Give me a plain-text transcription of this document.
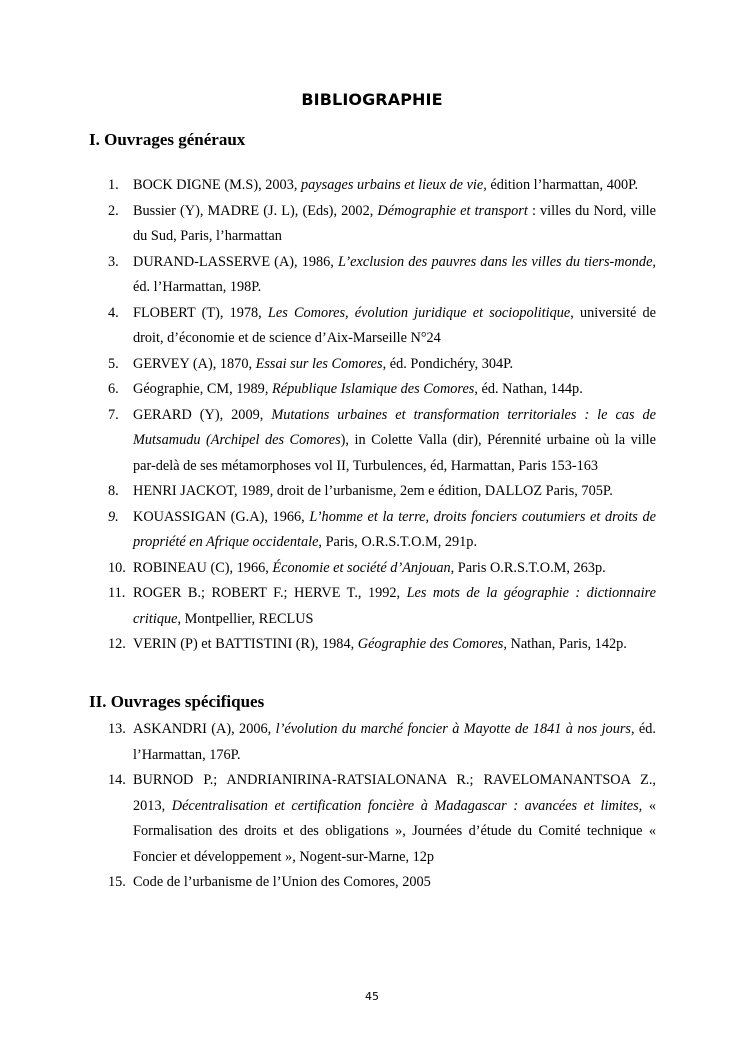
BIBLIOGRAPHIE
I. Ouvrages généraux
1. BOCK DIGNE (M.S), 2003, paysages urbains et lieux de vie, édition l’harmattan, 400P.
2. Bussier (Y), MADRE (J. L), (Eds), 2002, Démographie et transport : villes du Nord, ville du Sud, Paris, l’harmattan
3. DURAND-LASSERVE (A), 1986, L’exclusion des pauvres dans les villes du tiers-monde, éd. l’Harmattan, 198P.
4. FLOBERT (T), 1978, Les Comores, évolution juridique et sociopolitique, université de droit, d’économie et de science d’Aix-Marseille N°24
5. GERVEY (A), 1870, Essai sur les Comores, éd. Pondichéry, 304P.
6. Géographie, CM, 1989, République Islamique des Comores, éd. Nathan, 144p.
7. GERARD (Y), 2009, Mutations urbaines et transformation territoriales : le cas de Mutsamudu (Archipel des Comores), in Colette Valla (dir), Pérennité urbaine où la ville par-delà de ses métamorphoses vol II, Turbulences, éd, Harmattan, Paris 153-163
8. HENRI JACKOT, 1989, droit de l’urbanisme, 2em e édition, DALLOZ Paris, 705P.
9. KOUASSIGAN (G.A), 1966, L’homme et la terre, droits fonciers coutumiers et droits de propriété en Afrique occidentale, Paris, O.R.S.T.O.M, 291p.
10. ROBINEAU (C), 1966, Économie et société d’Anjouan, Paris O.R.S.T.O.M, 263p.
11. ROGER B.; ROBERT F.; HERVE T., 1992, Les mots de la géographie : dictionnaire critique, Montpellier, RECLUS
12. VERIN (P) et BATTISTINI (R), 1984, Géographie des Comores, Nathan, Paris, 142p.
II. Ouvrages spécifiques
13. ASKANDRI (A), 2006, l’évolution du marché foncier à Mayotte de 1841 à nos jours, éd. l’Harmattan, 176P.
14. BURNOD P.; ANDRIANIRINA-RATSIALONANA R.; RAVELOMANANTSOA Z., 2013, Décentralisation et certification foncière à Madagascar : avancées et limites, « Formalisation des droits et des obligations », Journées d’étude du Comité technique « Foncier et développement », Nogent-sur-Marne, 12p
15. Code de l’urbanisme de l’Union des Comores, 2005
45
